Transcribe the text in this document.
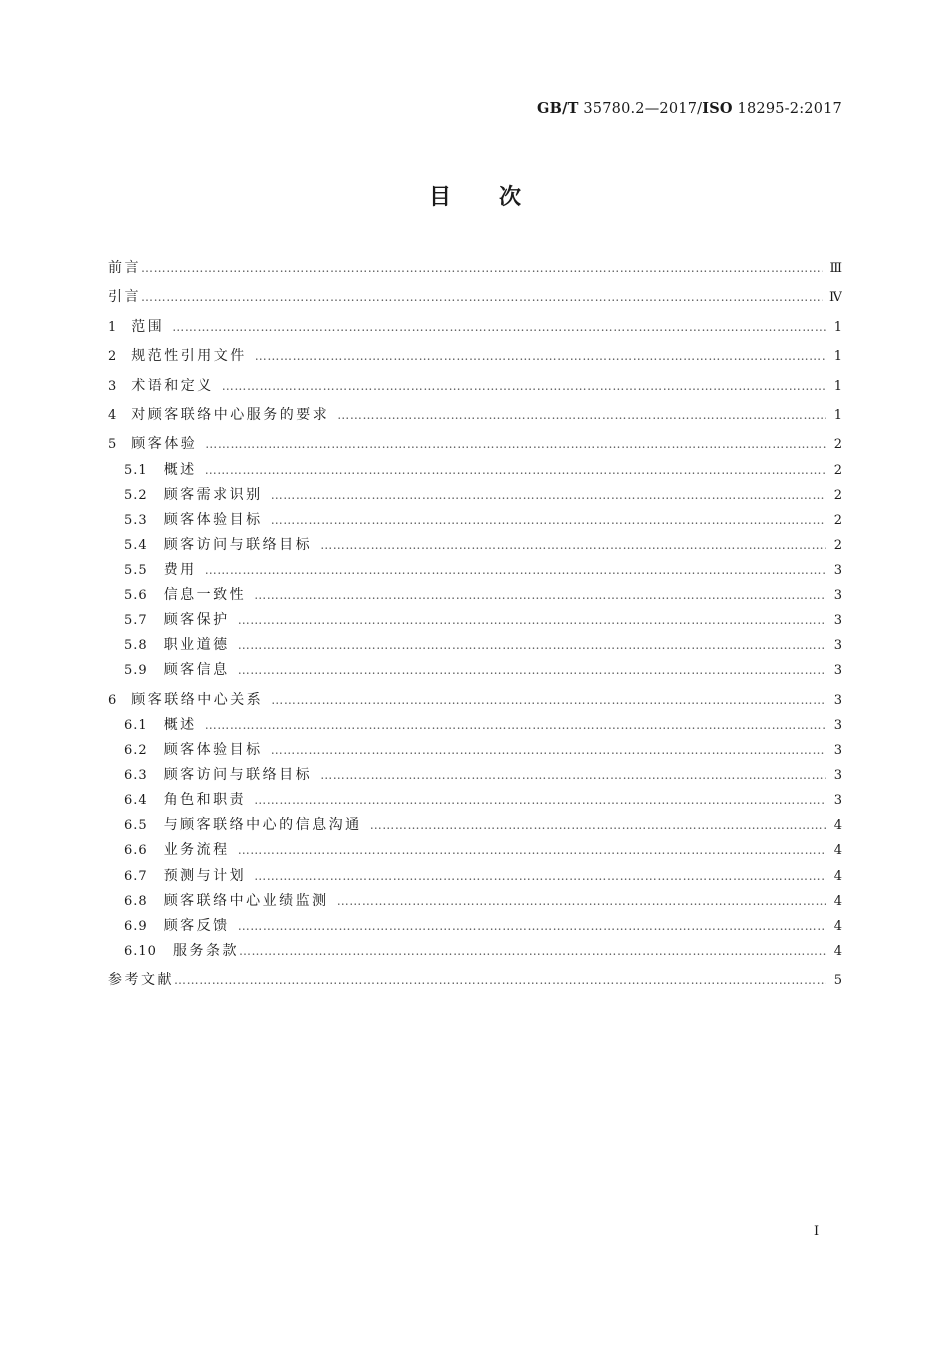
GB/T 35780.2—2017/ISO 18295-2:2017
目次
前言 ……………………………………………………………………………………………………………………………………………………………………………………………………	Ⅲ
引言 ……………………………………………………………………………………………………………………………………………………………………………………………………	Ⅳ
1 范围 ……………………………………………………………………………………………………………………………………………………………………………………………………	1
2 规范性引用文件 ……………………………………………………………………………………………………………………………………………………………………………………………………	1
3 术语和定义 ……………………………………………………………………………………………………………………………………………………………………………………………………	1
4 对顾客联络中心服务的要求 ……………………………………………………………………………………………………………………………………………………………………………………………………	1
5 顾客体验 ……………………………………………………………………………………………………………………………………………………………………………………………………	2
5.1 概述 ……………………………………………………………………………………………………………………………………………………………………………………………………	2
5.2 顾客需求识别 ……………………………………………………………………………………………………………………………………………………………………………………………………	2
5.3 顾客体验目标 ……………………………………………………………………………………………………………………………………………………………………………………………………	2
5.4 顾客访问与联络目标 ……………………………………………………………………………………………………………………………………………………………………………………………………	2
5.5 费用 ……………………………………………………………………………………………………………………………………………………………………………………………………	3
5.6 信息一致性 ……………………………………………………………………………………………………………………………………………………………………………………………………	3
5.7 顾客保护 ……………………………………………………………………………………………………………………………………………………………………………………………………	3
5.8 职业道德 ……………………………………………………………………………………………………………………………………………………………………………………………………	3
5.9 顾客信息 ……………………………………………………………………………………………………………………………………………………………………………………………………	3
6 顾客联络中心关系 ……………………………………………………………………………………………………………………………………………………………………………………………………	3
6.1 概述 ……………………………………………………………………………………………………………………………………………………………………………………………………	3
6.2 顾客体验目标 ……………………………………………………………………………………………………………………………………………………………………………………………………	3
6.3 顾客访问与联络目标 ……………………………………………………………………………………………………………………………………………………………………………………………………	3
6.4 角色和职责 ……………………………………………………………………………………………………………………………………………………………………………………………………	3
6.5 与顾客联络中心的信息沟通 ……………………………………………………………………………………………………………………………………………………………………………………………………	4
6.6 业务流程 ……………………………………………………………………………………………………………………………………………………………………………………………………	4
6.7 预测与计划 ……………………………………………………………………………………………………………………………………………………………………………………………………	4
6.8 顾客联络中心业绩监测 ……………………………………………………………………………………………………………………………………………………………………………………………………	4
6.9 顾客反馈 ……………………………………………………………………………………………………………………………………………………………………………………………………	4
6.10 服务条款 ……………………………………………………………………………………………………………………………………………………………………………………………………	4
参考文献 ……………………………………………………………………………………………………………………………………………………………………………………………………	5
I
